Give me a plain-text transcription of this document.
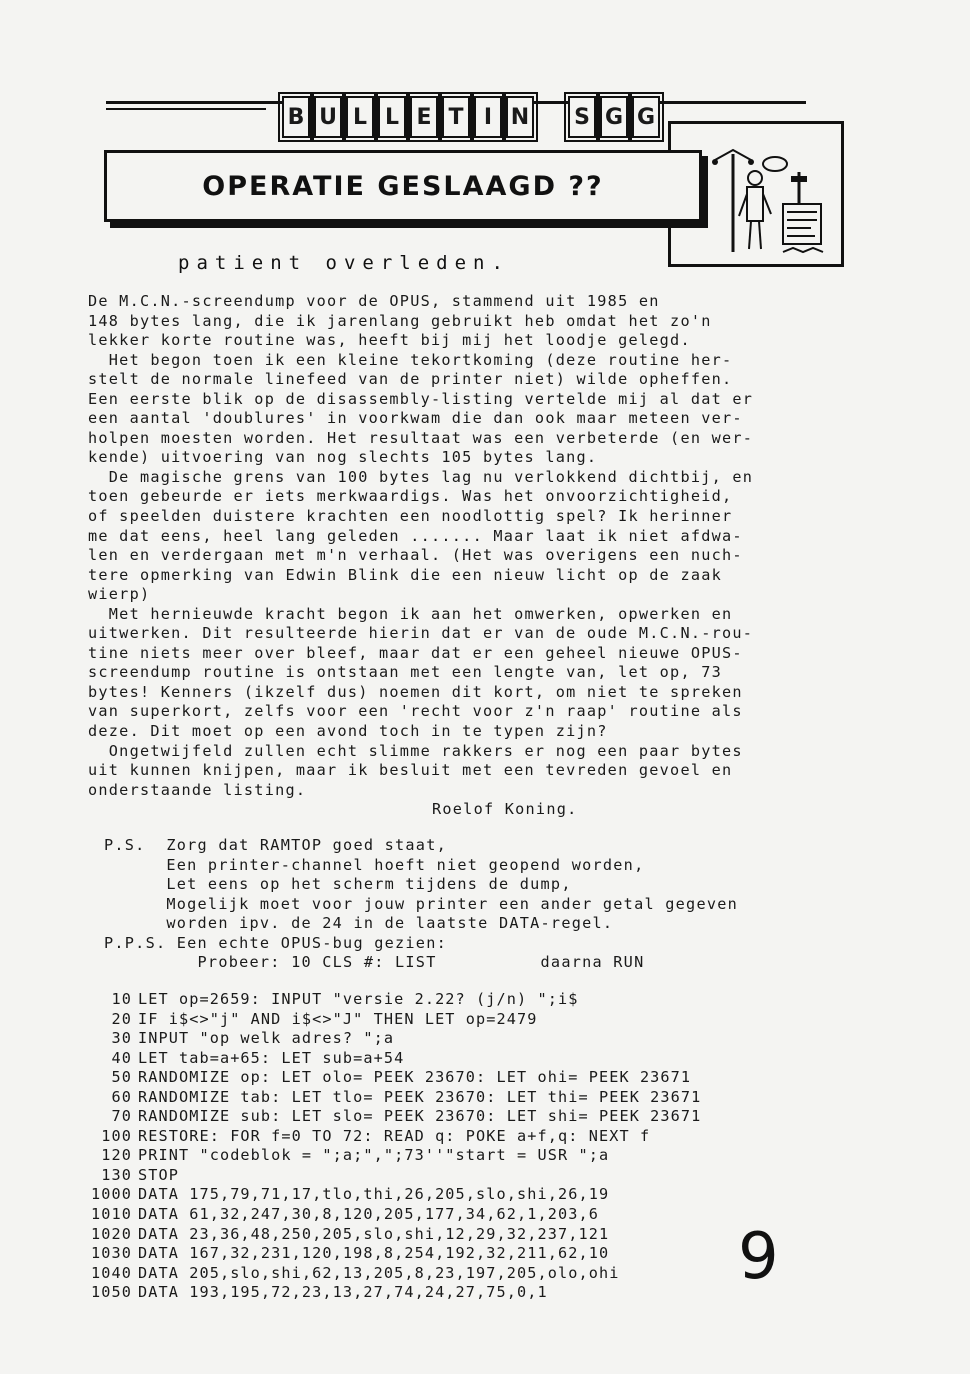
B U L L E T I N S G G
OPERATIE GESLAAGD ??
patient overleden.
De M.C.N.-screendump voor de OPUS, stammend uit 1985 en
148 bytes lang, die ik jarenlang gebruikt heb omdat het zo'n
lekker korte routine was, heeft bij mij het loodje gelegd.
Het begon toen ik een kleine tekortkoming (deze routine her-
stelt de normale linefeed van de printer niet) wilde opheffen.
Een eerste blik op de disassembly-listing vertelde mij al dat er
een aantal 'doublures' in voorkwam die dan ook maar meteen ver-
holpen moesten worden. Het resultaat was een verbeterde (en wer-
kende) uitvoering van nog slechts 105 bytes lang.
De magische grens van 100 bytes lag nu verlokkend dichtbij, en
toen gebeurde er iets merkwaardigs. Was het onvoorzichtigheid,
of speelden duistere krachten een noodlottig spel? Ik herinner
me dat eens, heel lang geleden ....... Maar laat ik niet afdwa-
len en verdergaan met m'n verhaal. (Het was overigens een nuch-
tere opmerking van Edwin Blink die een nieuw licht op de zaak
wierp)
Met hernieuwde kracht begon ik aan het omwerken, opwerken en
uitwerken. Dit resulteerde hierin dat er van de oude M.C.N.-rou-
tine niets meer over bleef, maar dat er een geheel nieuwe OPUS-
screendump routine is ontstaan met een lengte van, let op, 73
bytes! Kenners (ikzelf dus) noemen dit kort, om niet te spreken
van superkort, zelfs voor een 'recht voor z'n raap' routine als
deze. Dit moet op een avond toch in te typen zijn?
Ongetwijfeld zullen echt slimme rakkers er nog een paar bytes
uit kunnen knijpen, maar ik besluit met een tevreden gevoel en
onderstaande listing.
Roelof Koning.
P.S.  Zorg dat RAMTOP goed staat,
Een printer-channel hoeft niet geopend worden,
Let eens op het scherm tijdens de dump,
Mogelijk moet voor jouw printer een ander getal gegeven
worden ipv. de 24 in de laatste DATA-regel.
P.P.S. Een echte OPUS-bug gezien:
Probeer: 10 CLS #: LIST          daarna RUN
10 LET op=2659: INPUT "versie 2.22? (j/n) ";i$
20 IF i$<>"j" AND i$<>"J" THEN LET op=2479
30 INPUT "op welk adres? ";a
40 LET tab=a+65: LET sub=a+54
50 RANDOMIZE op: LET olo= PEEK 23670: LET ohi= PEEK 23671
60 RANDOMIZE tab: LET tlo= PEEK 23670: LET thi= PEEK 23671
70 RANDOMIZE sub: LET slo= PEEK 23670: LET shi= PEEK 23671
100 RESTORE: FOR f=0 TO 72: READ q: POKE a+f,q: NEXT f
120 PRINT "codeblok = ";a;",";73''"start = USR ";a
130 STOP
1000 DATA 175,79,71,17,tlo,thi,26,205,slo,shi,26,19
1010 DATA 61,32,247,30,8,120,205,177,34,62,1,203,6
1020 DATA 23,36,48,250,205,slo,shi,12,29,32,237,121
1030 DATA 167,32,231,120,198,8,254,192,32,211,62,10
1040 DATA 205,slo,shi,62,13,205,8,23,197,205,olo,ohi
1050 DATA 193,195,72,23,13,27,74,24,27,75,0,1	9
